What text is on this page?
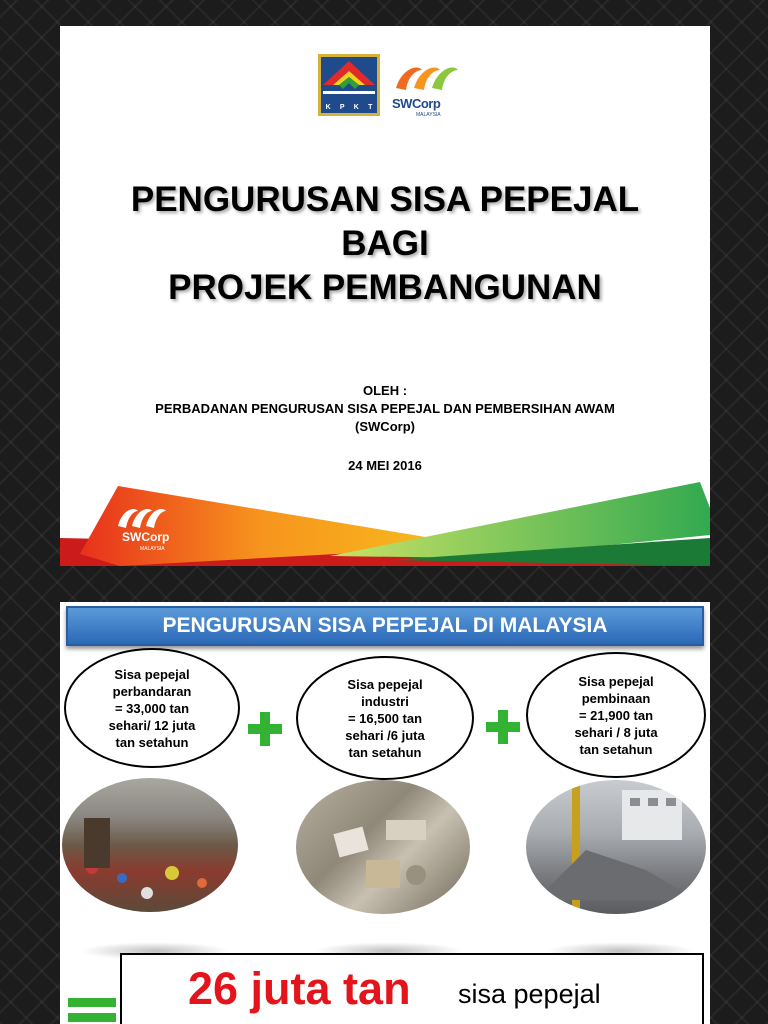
K P K T SWCorp
MALAYSIA
PENGURUSAN SISA PEPEJAL
BAGI
PROJEK PEMBANGUNAN
OLEH :
PERBADANAN PENGURUSAN SISA PEPEJAL DAN PEMBERSIHAN AWAM
(SWCorp)
24 MEI 2016
SWCorp
MALAYSIA
PENGURUSAN SISA PEPEJAL DI MALAYSIA
Sisa pepejal
perbandaran
= 33,000 tan
sehari/ 12 juta
tan setahun
Sisa pepejal
industri
= 16,500 tan
sehari /6 juta
tan setahun
Sisa pepejal
pembinaan
= 21,900 tan
sehari / 8 juta
tan setahun
26 juta tan sisa pepejal
